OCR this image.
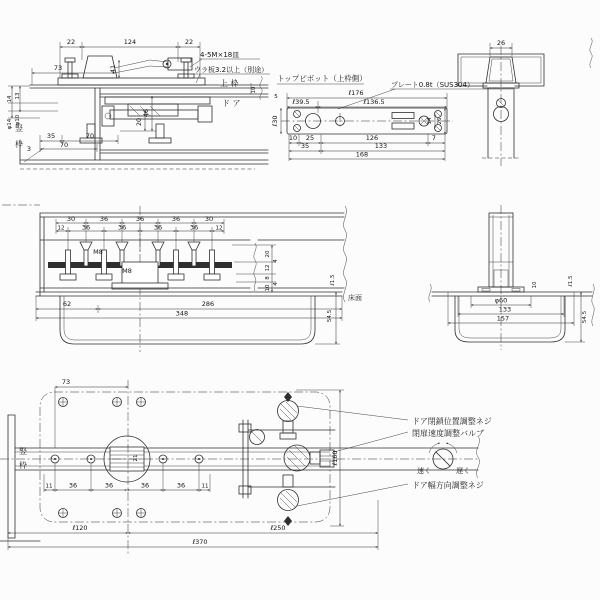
22	124	22
73	41
46
20
35	70
70
3
13
14
φ14 φ10
竪
枠
4-5M×18皿
ウラ板3.2以上（別途）
上 枠
ド ア
10
5
トップピボット（上枠側）
プレート0.8t（SUS304）
ℓ176
ℓ39.5	ℓ136.5
14 26
ℓ30
10 25	126	7
35	133
168
26
30	36	36	36	30
12	36	36	36	36	12
M8
M8
20
12
8
10
4
4
62	286
348	54.5
ℓ1.5
床面	φ60
133
157
10	ℓ1.5
54.5
竪
枠
73
21
11	36	36	36	36	11
ℓ120	ℓ250
ℓ370
ℓ160
ドア閉鎖位置調整ネジ
閉扉速度調整バルブ
ドア幅方向調整ネジ
速く	遅く
